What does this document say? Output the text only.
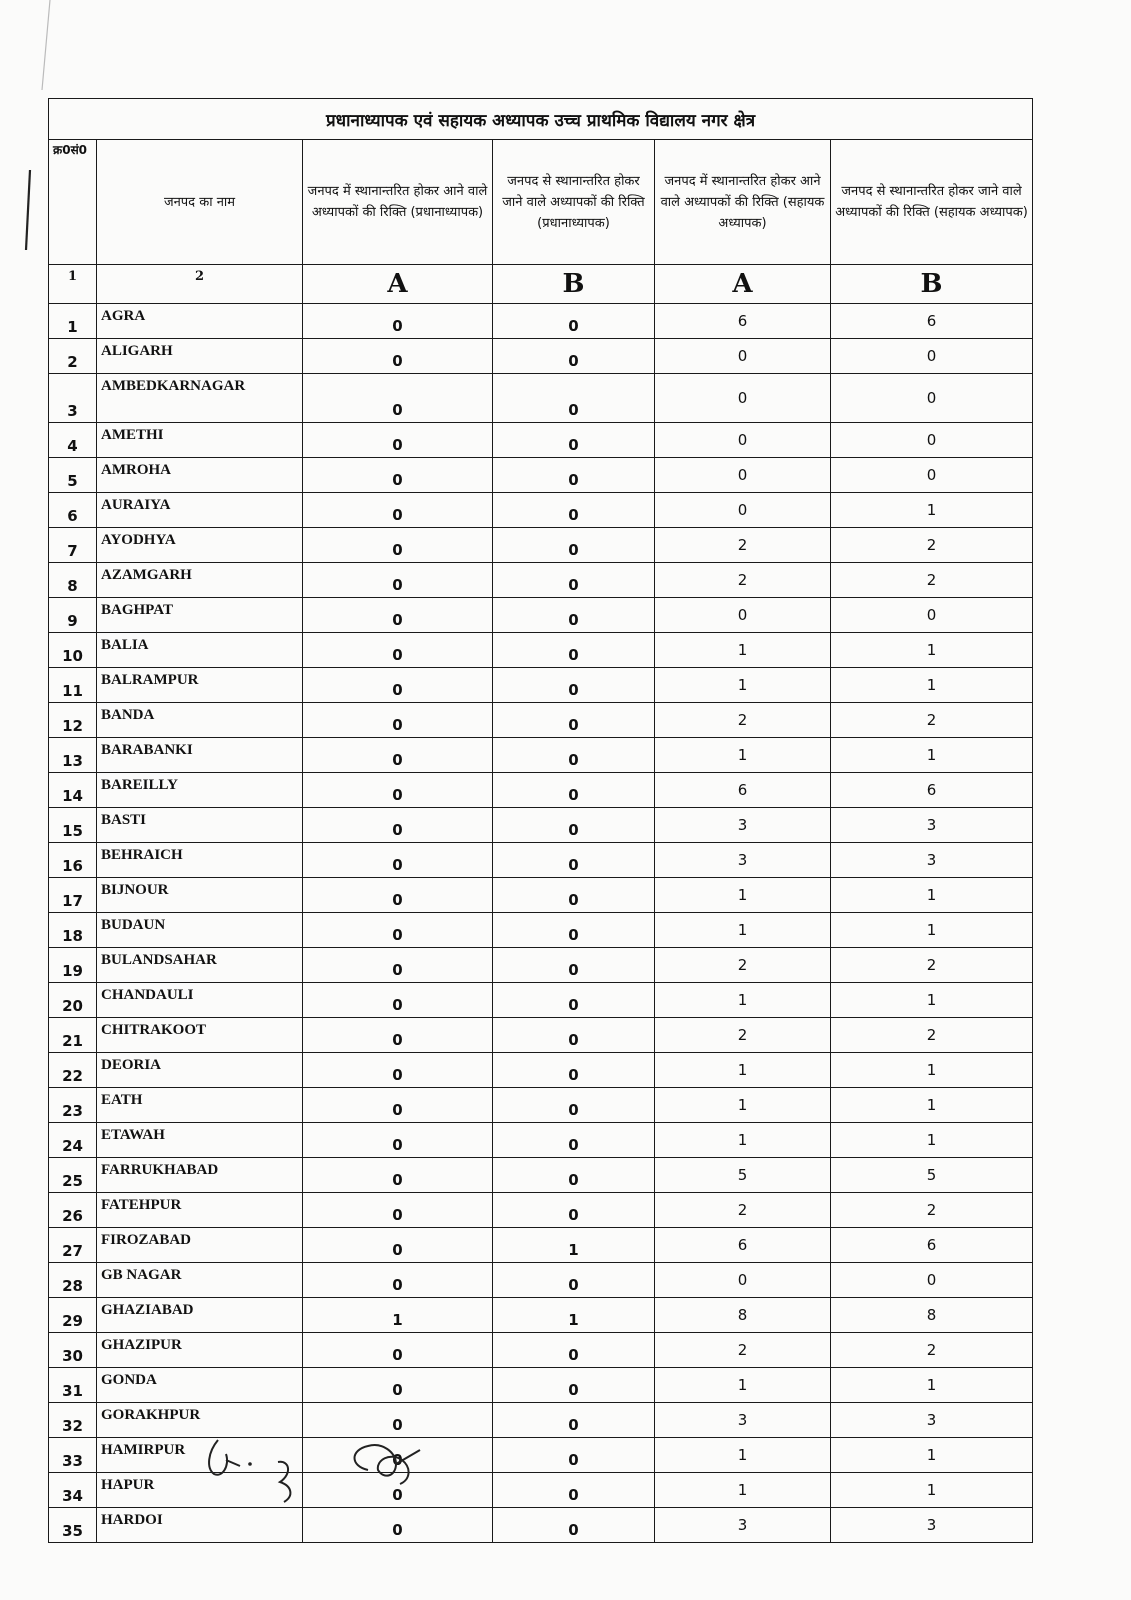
प्रधानाध्यापक एवं सहायक अध्यापक उच्च प्राथमिक विद्यालय नगर क्षेत्र					
क्र0सं0	जनपद का नाम	जनपद में स्थानान्तरित होकर आने वाले अध्यापकों की रिक्ति (प्रधानाध्यापक)	जनपद से स्थानान्तरित होकर जाने वाले अध्यापकों की रिक्ति (प्रधानाध्यापक)	जनपद में स्थानान्तरित होकर आने वाले अध्यापकों की रिक्ति (सहायक अध्यापक)	जनपद से स्थानान्तरित होकर जाने वाले अध्यापकों की रिक्ति (सहायक अध्यापक)
1	2	A	B	A	B
1	AGRA	0	0	6	6
2	ALIGARH	0	0	0	0
3	AMBEDKARNAGAR	0	0	0	0
4	AMETHI	0	0	0	0
5	AMROHA	0	0	0	0
6	AURAIYA	0	0	0	1
7	AYODHYA	0	0	2	2
8	AZAMGARH	0	0	2	2
9	BAGHPAT	0	0	0	0
10	BALIA	0	0	1	1
11	BALRAMPUR	0	0	1	1
12	BANDA	0	0	2	2
13	BARABANKI	0	0	1	1
14	BAREILLY	0	0	6	6
15	BASTI	0	0	3	3
16	BEHRAICH	0	0	3	3
17	BIJNOUR	0	0	1	1
18	BUDAUN	0	0	1	1
19	BULANDSAHAR	0	0	2	2
20	CHANDAULI	0	0	1	1
21	CHITRAKOOT	0	0	2	2
22	DEORIA	0	0	1	1
23	EATH	0	0	1	1
24	ETAWAH	0	0	1	1
25	FARRUKHABAD	0	0	5	5
26	FATEHPUR	0	0	2	2
27	FIROZABAD	0	1	6	6
28	GB NAGAR	0	0	0	0
29	GHAZIABAD	1	1	8	8
30	GHAZIPUR	0	0	2	2
31	GONDA	0	0	1	1
32	GORAKHPUR	0	0	3	3
33	HAMIRPUR	0	0	1	1
34	HAPUR	0	0	1	1
35	HARDOI	0	0	3	3
